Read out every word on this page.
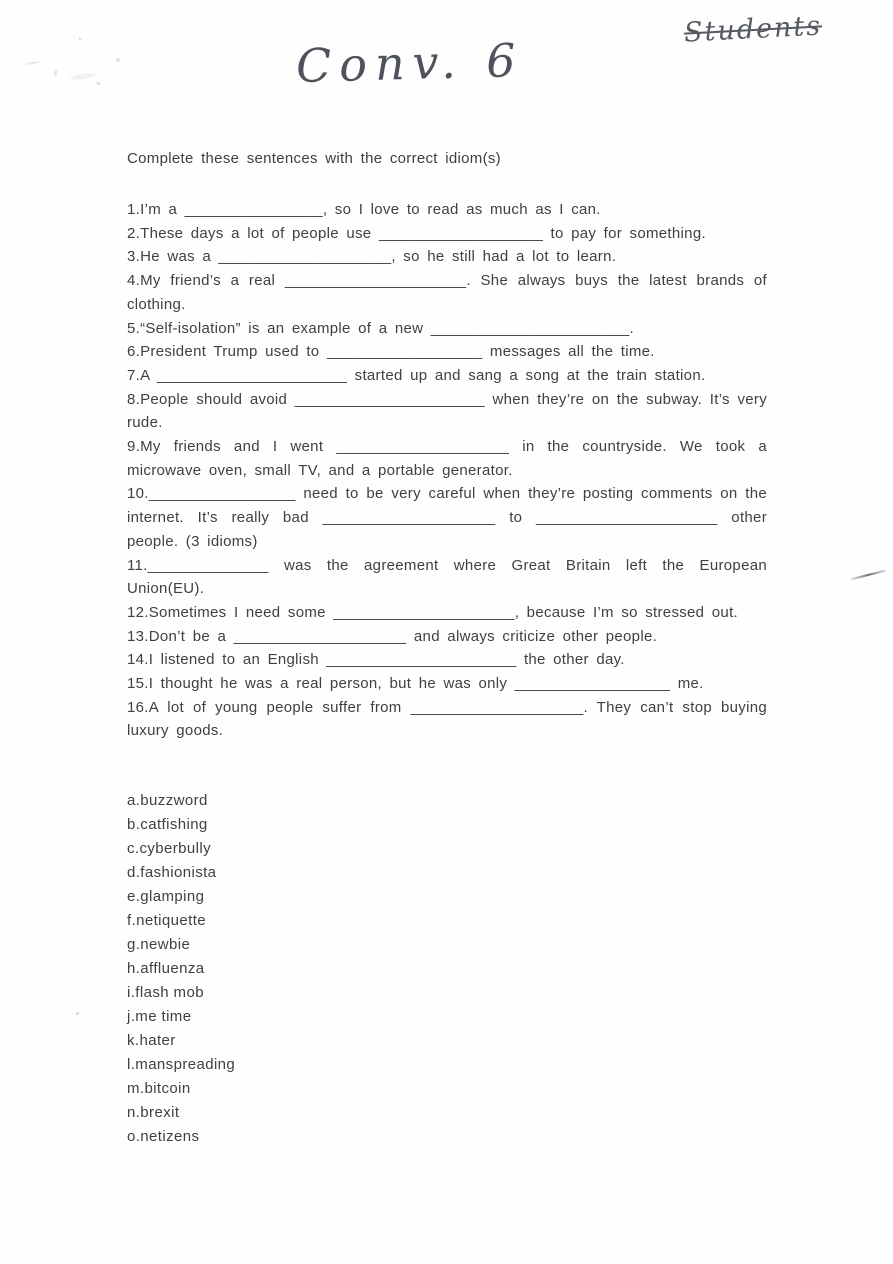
Conv. 6
Students

Complete these sentences with the correct idiom(s)

1.I’m a ________________, so I love to read as much as I can.

2.These days a lot of people use ___________________ to pay for something.

3.He was a ____________________, so he still had a lot to learn.

4.My friend’s a real _____________________. She always buys the latest brands of clothing.

5.“Self-isolation” is an example of a new _______________________.

6.President Trump used to __________________ messages all the time.

7.A ______________________ started up and sang a song at the train station.

8.People should avoid ______________________ when they’re on the subway. It’s very rude.

9.My friends and I went ____________________ in the countryside. We took a microwave oven, small TV, and a portable generator.

10._________________ need to be very careful when they’re posting comments on the internet. It’s really bad ____________________ to _____________________ other people. (3 idioms)

11.______________ was the agreement where Great Britain left the European Union(EU).

12.Sometimes I need some _____________________, because I’m so stressed out.

13.Don’t be a ____________________ and always criticize other people.

14.I listened to an English ______________________ the other day.

15.I thought he was a real person, but he was only __________________ me.

16.A lot of young people suffer from ____________________. They can’t stop buying luxury goods.

a.buzzword

b.catfishing

c.cyberbully

d.fashionista

e.glamping

f.netiquette

g.newbie

h.affluenza

i.flash mob

j.me time

k.hater

l.manspreading

m.bitcoin

n.brexit

o.netizens
